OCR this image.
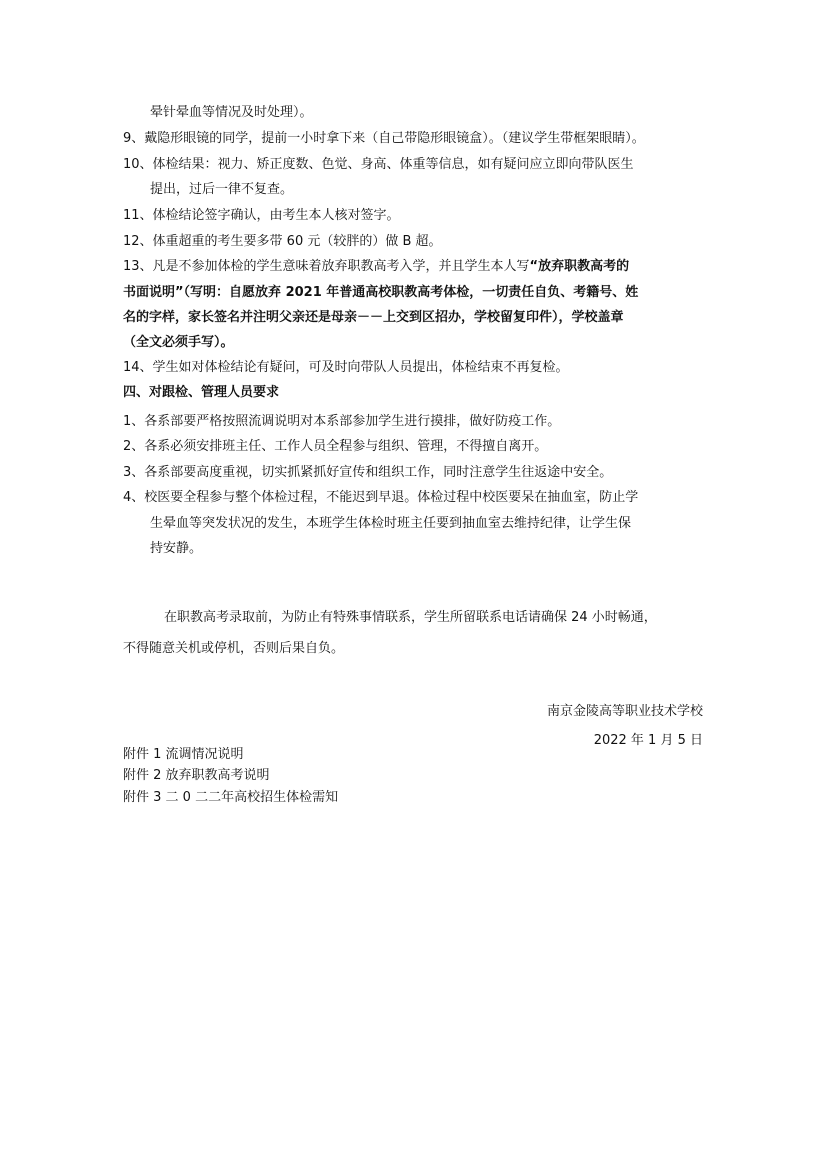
晕针晕血等情况及时处理）。

9、戴隐形眼镜的同学，提前一小时拿下来（自己带隐形眼镜盒）。（建议学生带框架眼睛）。

10、体检结果：视力、矫正度数、色觉、身高、体重等信息，如有疑问应立即向带队医生

提出，过后一律不复查。

11、体检结论签字确认，由考生本人核对签字。

12、体重超重的考生要多带 60 元（较胖的）做 B 超。

13、凡是不参加体检的学生意味着放弃职教高考入学，并且学生本人写“放弃职教高考的

书面说明”（写明：自愿放弃 2021 年普通高校职教高考体检，一切责任自负、考籍号、姓

名的字样，家长签名并注明父亲还是母亲－－上交到区招办，学校留复印件），学校盖章

（全文必须手写）。

14、学生如对体检结论有疑问，可及时向带队人员提出，体检结束不再复检。

四、对跟检、管理人员要求

1、各系部要严格按照流调说明对本系部参加学生进行摸排，做好防疫工作。

2、各系必须安排班主任、工作人员全程参与组织、管理，不得擅自离开。

3、各系部要高度重视，切实抓紧抓好宣传和组织工作，同时注意学生往返途中安全。

4、校医要全程参与整个体检过程，不能迟到早退。体检过程中校医要呆在抽血室，防止学

生晕血等突发状况的发生，本班学生体检时班主任要到抽血室去维持纪律，让学生保

持安静。

在职教高考录取前，为防止有特殊事情联系，学生所留联系电话请确保 24 小时畅通，

不得随意关机或停机，否则后果自负。

南京金陵高等职业技术学校

2022 年 1 月 5 日

附件 1 流调情况说明

附件 2 放弃职教高考说明

附件 3 二 0 二二年高校招生体检需知
